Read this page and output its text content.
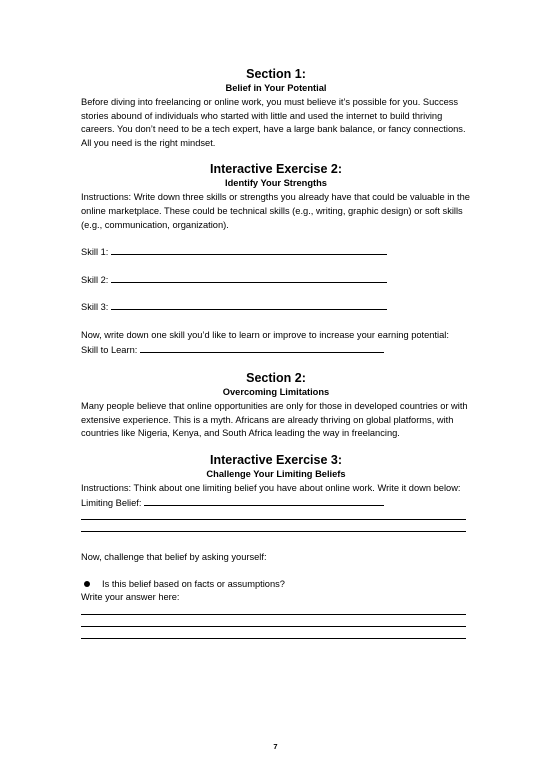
Section 1:
Belief in Your Potential

Before diving into freelancing or online work, you must believe it’s possible for you. Success stories abound of individuals who started with little and used the internet to build thriving careers. You don’t need to be a tech expert, have a large bank balance, or fancy connections. All you need is the right mindset.

Interactive Exercise 2:
Identify Your Strengths

Instructions: Write down three skills or strengths you already have that could be valuable in the online marketplace. These could be technical skills (e.g., writing, graphic design) or soft skills (e.g., communication, organization).

Skill 1:
Skill 2:
Skill 3:

Now, write down one skill you’d like to learn or improve to increase your earning potential:

Skill to Learn:
Section 2:
Overcoming Limitations

Many people believe that online opportunities are only for those in developed countries or with extensive experience. This is a myth. Africans are already thriving on global platforms, with countries like Nigeria, Kenya, and South Africa leading the way in freelancing.

Interactive Exercise 3:
Challenge Your Limiting Beliefs

Instructions: Think about one limiting belief you have about online work. Write it down below:

Limiting Belief:

Now, challenge that belief by asking yourself:

Is this belief based on facts or assumptions?

Write your answer here:

7
